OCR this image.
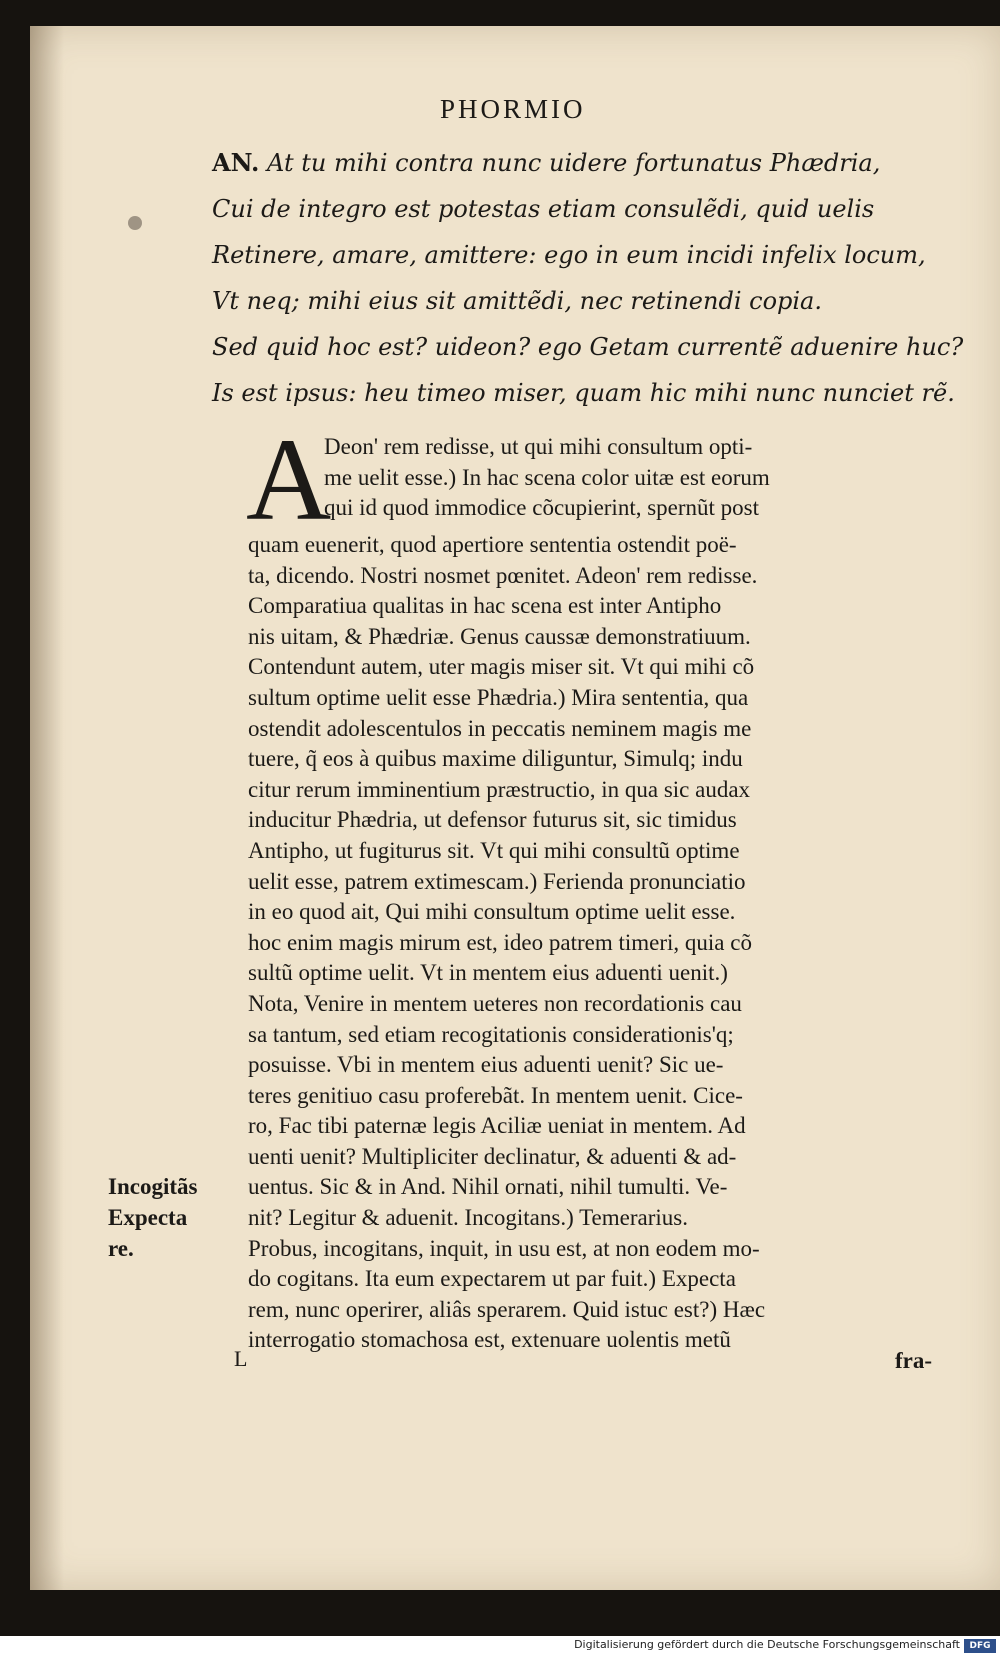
PHORMIO
AN. At tu mihi contra nunc uidere fortunatus Phædria,
Cui de integro est potestas etiam consulẽdi, quid uelis
Retinere, amare, amittere: ego in eum incidi infelix locum,
Vt neq; mihi eius sit amittẽdi, nec retinendi copia.
Sed quid hoc est? uideon? ego Getam currentẽ aduenire huc?
Is est ipsus: heu timeo miser, quam hic mihi nunc nunciet rẽ.
A
Deon' rem redisse, ut qui mihi consultum opti-
me uelit esse.) In hac scena color uitæ est eorum
qui id quod immodice cõcupierint, spernũt post
quam euenerit, quod apertiore sententia ostendit poë-
ta, dicendo. Nostri nosmet pœnitet. Adeon' rem redisse.
Comparatiua qualitas in hac scena est inter Antipho
nis uitam, & Phædriæ. Genus caussæ demonstratiuum.
Contendunt autem, uter magis miser sit. Vt qui mihi cõ
sultum optime uelit esse Phædria.) Mira sententia, qua
ostendit adolescentulos in peccatis neminem magis me
tuere, q̃ eos à quibus maxime diliguntur, Simulq; indu
citur rerum imminentium præstructio, in qua sic audax
inducitur Phædria, ut defensor futurus sit, sic timidus
Antipho, ut fugiturus sit. Vt qui mihi consultũ optime
uelit esse, patrem extimescam.) Ferienda pronunciatio
in eo quod ait, Qui mihi consultum optime uelit esse.
hoc enim magis mirum est, ideo patrem timeri, quia cõ
sultũ optime uelit. Vt in mentem eius aduenti uenit.)
Nota, Venire in mentem ueteres non recordationis cau
sa tantum, sed etiam recogitationis considerationis'q;
posuisse. Vbi in mentem eius aduenti uenit? Sic ue-
teres genitiuo casu proferebãt. In mentem uenit. Cice-
ro, Fac tibi paternæ legis Aciliæ ueniat in mentem. Ad
uenti uenit? Multipliciter declinatur, & aduenti & ad-
uentus. Sic & in And. Nihil ornati, nihil tumulti. Ve-
nit? Legitur & aduenit. Incogitans.) Temerarius.
Probus, incogitans, inquit, in usu est, at non eodem mo-
do cogitans. Ita eum expectarem ut par fuit.) Expecta
rem, nunc operirer, aliâs sperarem. Quid istuc est?) Hæc
interrogatio stomachosa est, extenuare uolentis metũ
Incogitãs
Expecta
re.
L	fra-
Digitalisierung gefördert durch die Deutsche Forschungsgemeinschaft	DFG
